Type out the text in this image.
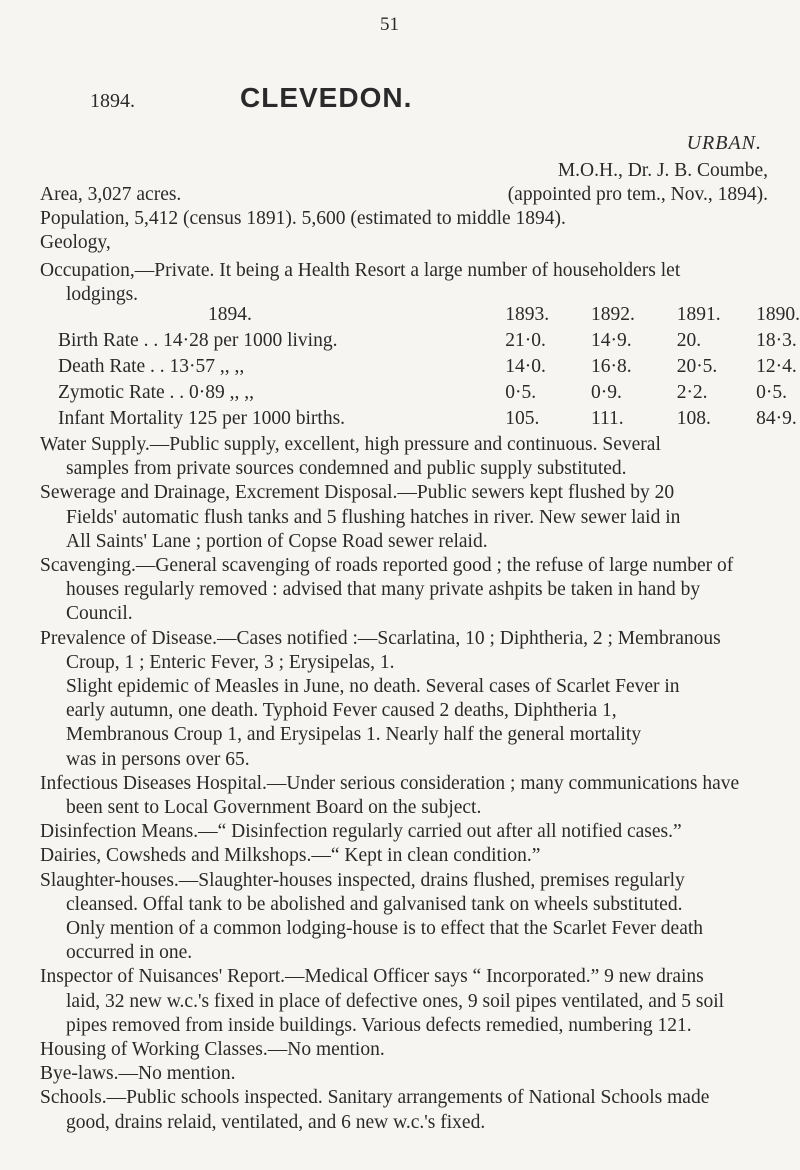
51
1894.	CLEVEDON.
URBAN.
M.O.H., Dr. J. B. Coumbe,
Area, 3,027 acres.	(appointed pro tem., Nov., 1894).
Population, 5,412 (census 1891). 5,600 (estimated to middle 1894).
Geology,
Occupation,—Private. It being a Health Resort a large number of householders let
lodgings.
1894.	1893.	1892.	1891.	1890.
Birth Rate . . 14·28 per 1000 living.	21·0.	14·9.	20.	18·3.
Death Rate . . 13·57 ,, ,,	14·0.	16·8.	20·5.	12·4.
Zymotic Rate . . 0·89 ,, ,,	0·5.	0·9.	2·2.	0·5.
Infant Mortality 125 per 1000 births.	105.	111.	108.	84·9.
Water Supply.—Public supply, excellent, high pressure and continuous. Several
samples from private sources condemned and public supply substituted.
Sewerage and Drainage, Excrement Disposal.—Public sewers kept flushed by 20
Fields' automatic flush tanks and 5 flushing hatches in river. New sewer laid in
All Saints' Lane ; portion of Copse Road sewer relaid.
Scavenging.—General scavenging of roads reported good ; the refuse of large number of
houses regularly removed : advised that many private ashpits be taken in hand by
Council.
Prevalence of Disease.—Cases notified :—Scarlatina, 10 ; Diphtheria, 2 ; Membranous
Croup, 1 ; Enteric Fever, 3 ; Erysipelas, 1.
Slight epidemic of Measles in June, no death. Several cases of Scarlet Fever in
early autumn, one death. Typhoid Fever caused 2 deaths, Diphtheria 1,
Membranous Croup 1, and Erysipelas 1. Nearly half the general mortality
was in persons over 65.
Infectious Diseases Hospital.—Under serious consideration ; many communications have
been sent to Local Government Board on the subject.
Disinfection Means.—“ Disinfection regularly carried out after all notified cases.”
Dairies, Cowsheds and Milkshops.—“ Kept in clean condition.”
Slaughter-houses.—Slaughter-houses inspected, drains flushed, premises regularly
cleansed. Offal tank to be abolished and galvanised tank on wheels substituted.
Only mention of a common lodging-house is to effect that the Scarlet Fever death
occurred in one.
Inspector of Nuisances' Report.—Medical Officer says “ Incorporated.” 9 new drains
laid, 32 new w.c.'s fixed in place of defective ones, 9 soil pipes ventilated, and 5 soil
pipes removed from inside buildings. Various defects remedied, numbering 121.
Housing of Working Classes.—No mention.
Bye-laws.—No mention.
Schools.—Public schools inspected. Sanitary arrangements of National Schools made
good, drains relaid, ventilated, and 6 new w.c.'s fixed.
